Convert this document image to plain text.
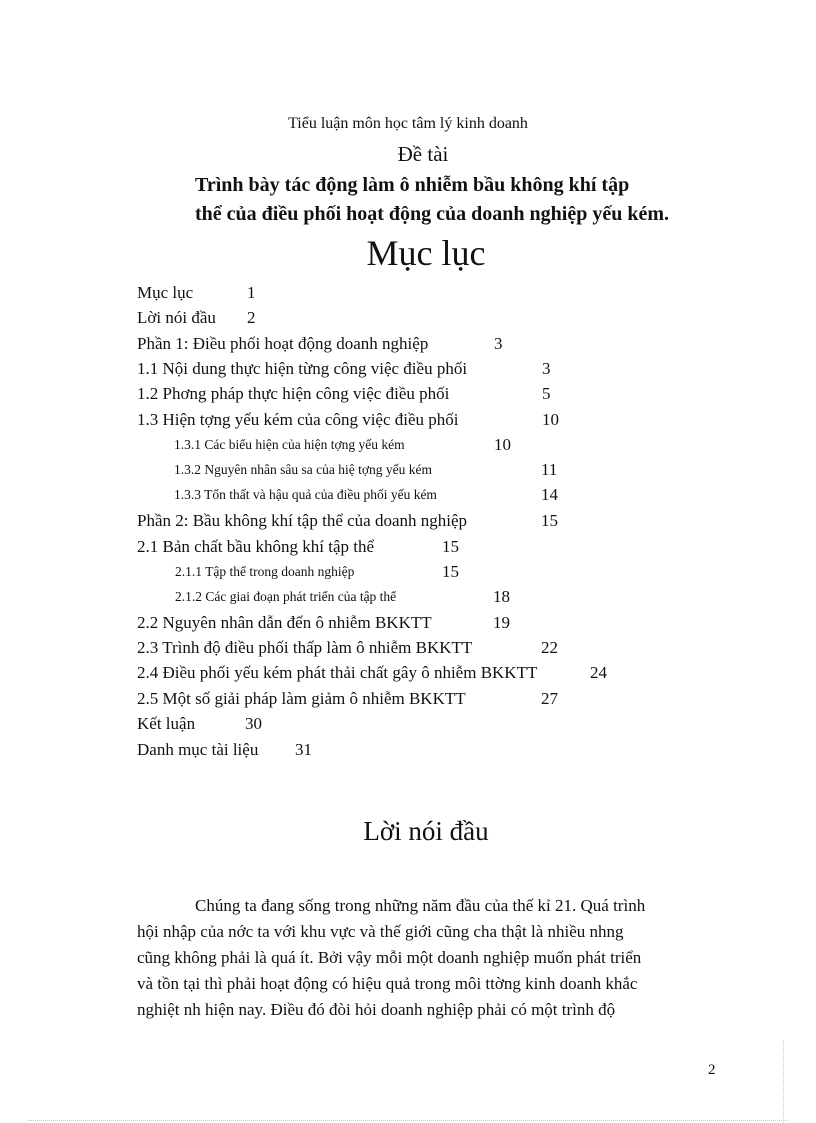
Tiểu luận môn học tâm lý kinh doanh
Đề tài
Trình bày tác động làm ô nhiễm bầu không khí tập
thể của điều phối hoạt động của doanh nghiệp yếu kém.
Mục lục
Mục lục	1
Lời nói đầu 2
Phần 1: Điều phối hoạt động doanh nghiệp	3
1.1 Nội dung thực hiện từng công việc điều phối	3
1.2 Phơng pháp thực hiện công việc điều phối	5
1.3 Hiện tợng yếu kém của công việc điều phối	10
1.3.1 Các biểu hiện của hiện tợng yếu kém	10
1.3.2 Nguyên nhân sâu sa của hiệ tợng yếu kém	11
1.3.3 Tổn thất và hậu quả của điều phối yếu kém	14
Phần 2: Bầu không khí tập thể của doanh nghiệp	15
2.1 Bản chất bầu không khí tập thể	15
2.1.1 Tập thể trong doanh nghiệp	15
2.1.2 Các giai đoạn phát triển của tập thể	18
2.2 Nguyên nhân dẫn đến ô nhiễm BKKTT	19
2.3 Trình độ điều phối thấp làm ô nhiễm BKKTT	22
2.4 Điều phối yếu kém phát thải chất gây ô nhiễm BKKTT	24
2.5 Một số giải pháp làm giảm ô nhiễm BKKTT	27
Kết luận	30
Danh mục tài liệu 31
Lời nói đầu
Chúng ta đang sống trong những năm đầu của thế kỉ 21. Quá trình
hội nhập của nớc ta với khu vực và thế giới cũng cha thật là nhiều nhng
cũng không phải là quá ít. Bởi vậy mỗi một doanh nghiệp muốn phát triển
và tồn tại thì phải hoạt động có hiệu quả trong môi ttờng kinh doanh khắc
nghiệt nh hiện nay. Điều đó đòi hỏi doanh nghiệp phải có một trình độ
2
